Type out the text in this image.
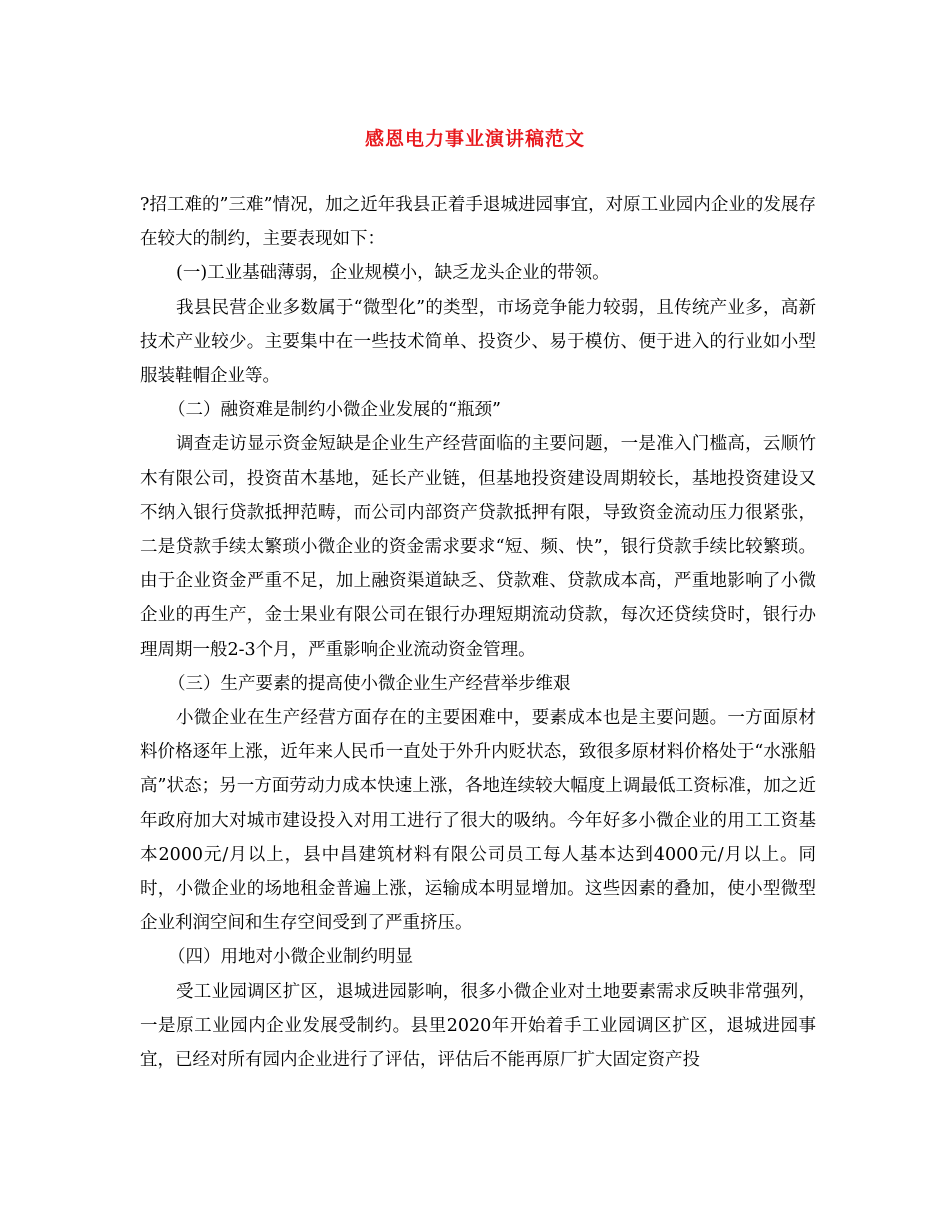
感恩电力事业演讲稿范文

?招工难的”三难”情况，加之近年我县正着手退城进园事宜，对原工业园内企业的发展存在较大的制约，主要表现如下：

(一)工业基础薄弱，企业规模小，缺乏龙头企业的带领。

我县民营企业多数属于“微型化”的类型，市场竞争能力较弱，且传统产业多，高新技术产业较少。主要集中在一些技术简单、投资少、易于模仿、便于进入的行业如小型服装鞋帽企业等。

（二）融资难是制约小微企业发展的“瓶颈”

调查走访显示资金短缺是企业生产经营面临的主要问题，一是准入门槛高，云顺竹木有限公司，投资苗木基地，延长产业链，但基地投资建设周期较长，基地投资建设又不纳入银行贷款抵押范畴，而公司内部资产贷款抵押有限，导致资金流动压力很紧张，二是贷款手续太繁琐小微企业的资金需求要求“短、频、快”，银行贷款手续比较繁琐。由于企业资金严重不足，加上融资渠道缺乏、贷款难、贷款成本高，严重地影响了小微企业的再生产，金士果业有限公司在银行办理短期流动贷款，每次还贷续贷时，银行办理周期一般2-3个月，严重影响企业流动资金管理。

（三）生产要素的提高使小微企业生产经营举步维艰

小微企业在生产经营方面存在的主要困难中，要素成本也是主要问题。一方面原材料价格逐年上涨，近年来人民币一直处于外升内贬状态，致很多原材料价格处于“水涨船高”状态；另一方面劳动力成本快速上涨，各地连续较大幅度上调最低工资标准，加之近年政府加大对城市建设投入对用工进行了很大的吸纳。今年好多小微企业的用工工资基本2000元/月以上，县中昌建筑材料有限公司员工每人基本达到4000元/月以上。同时，小微企业的场地租金普遍上涨，运输成本明显增加。这些因素的叠加，使小型微型企业利润空间和生存空间受到了严重挤压。

（四）用地对小微企业制约明显

受工业园调区扩区，退城进园影响，很多小微企业对土地要素需求反映非常强列，一是原工业园内企业发展受制约。县里2020年开始着手工业园调区扩区，退城进园事宜，已经对所有园内企业进行了评估，评估后不能再原厂扩大固定资产投
